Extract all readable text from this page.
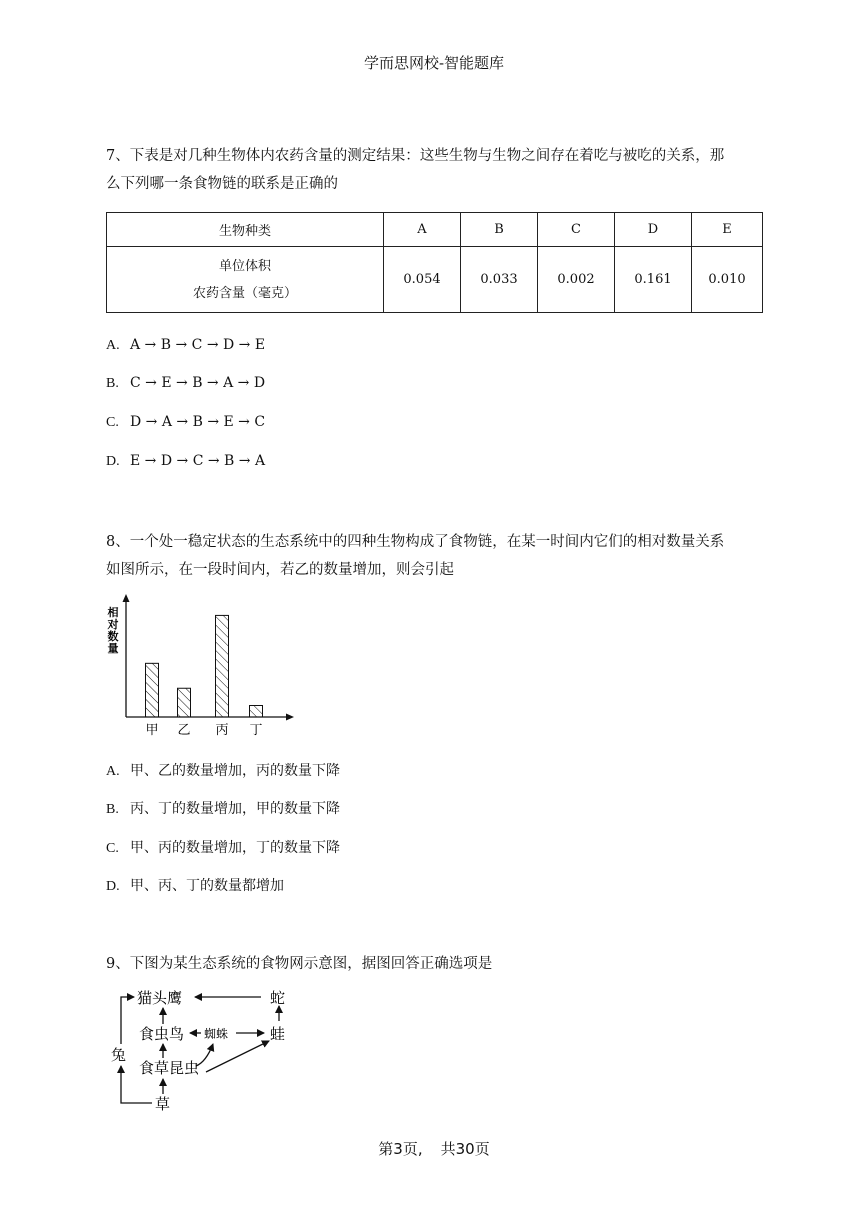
学而思网校-智能题库
7、下表是对几种生物体内农药含量的测定结果：这些生物与生物之间存在着吃与被吃的关系，那
么下列哪一条食物链的联系是正确的
生物种类	A	B	C	D	E

单位体积
农药含量（毫克）	0.054	0.033	0.002	0.161	0.010
A. A → B → C → D → E
B. C → E → B → A → D
C. D → A → B → E → C
D. E → D → C → B → A
8、一个处一稳定状态的生态系统中的四种生物构成了食物链，在某一时间内它们的相对数量关系
如图所示，在一段时间内，若乙的数量增加，则会引起
相
对
数
量
甲 乙 丙 丁
A. 甲、乙的数量增加，丙的数量下降
B. 丙、丁的数量增加，甲的数量下降
C. 甲、丙的数量增加，丁的数量下降
D. 甲、丙、丁的数量都增加
9、下图为某生态系统的食物网示意图，据图回答正确选项是
猫头鹰	蛇
食虫鸟 蜘蛛	蛙
兔
食草昆虫
草
第3页, 共30页
